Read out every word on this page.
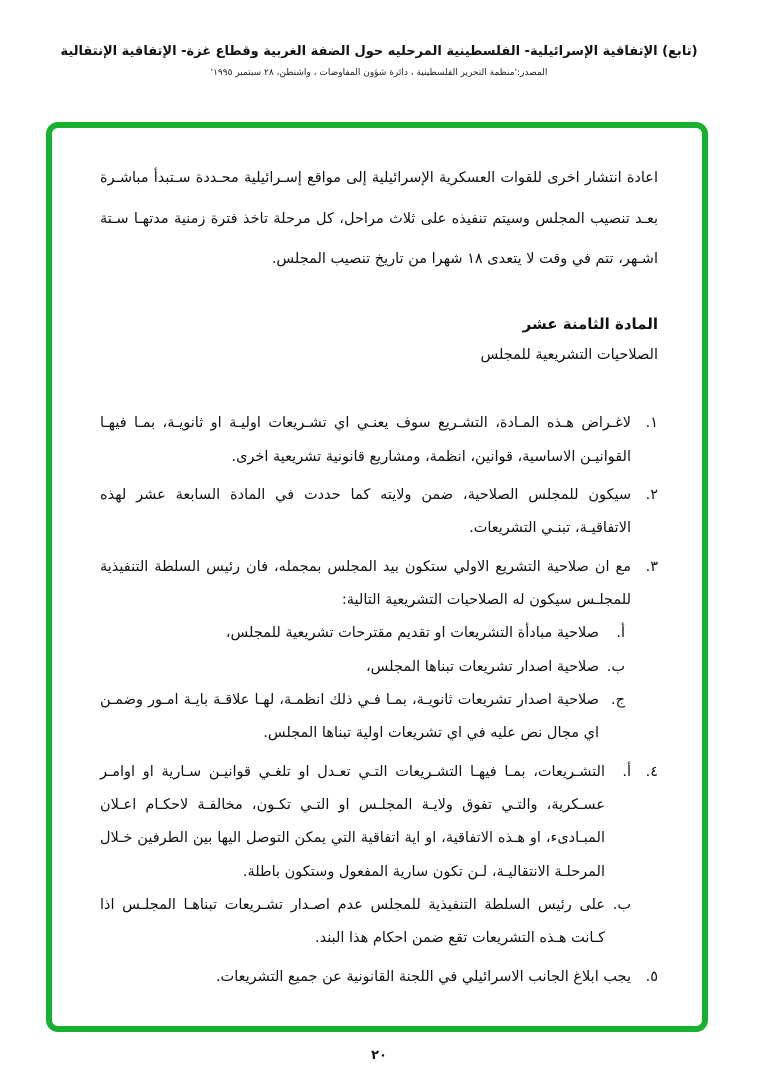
(تابع) الإتفاقية الإسرائيلية- الفلسطينية المرحليه حول الضفة الغربية وقطاع غزة- الإتفاقية الإنتقالية
المصدر:'منظمة التحرير الفلسطينية ، دائرة شؤون المفاوضات ، واشنطن، ٢٨ سبتمبر ١٩٩٥'

اعادة انتشار اخرى للقوات العسكرية الإسرائيلية إلى مواقع إسـرائيلية محـددة سـتبدأ مباشـرة بعـد تنصيب المجلس وسيتم تنفيذه على ثلاث مراحل، كل مرحلة تاخذ فترة زمنية مدتهـا سـتة اشـهر، تتم في وقت لا يتعدى ١٨ شهرا من تاريخ تنصيب المجلس.

المادة الثامنة عشر
الصلاحيات التشريعية للمجلس
١.
لاغـراض هـذه المـادة، التشـريع سوف يعنـي اي تشـريعات اوليـة او ثانويـة، بمـا فيهـا القوانيـن الاساسية، قوانين، انظمة، ومشاريع قانونية تشريعية اخرى.
٢.
سيكون للمجلس الصلاحية، ضمن ولايته كما حددت في المادة السابعة عشر لهذه الاتفاقيـة، تبنـي التشريعات.
٣.
مع ان صلاحية التشريع الاولي ستكون بيد المجلس بمجمله، فان رئيس السلطة التنفيذية للمجلـس سيكون له الصلاحيات التشريعية التالية:
أ.
صلاحية مبادأة التشريعات او تقديم مقترحات تشريعية للمجلس،
ب.
صلاحية اصدار تشريعات تبناها المجلس،
ج.
صلاحية اصدار تشريعات ثانويـة، بمـا فـي ذلك انظمـة، لهـا علاقـة بايـة امـور وضمـن اي مجال نص عليه في اي تشريعات اولية تبناها المجلس.
٤.
أ.
التشـريعات، بمـا فيهـا التشـريعات التـي تعـدل او تلغـي قوانيـن سـارية او اوامـر عسـكرية، والتـي تفوق ولايـة المجلـس او التـي تكـون، مخالفـة لاحكـام اعـلان المبـادىء، او هـذه الاتفاقية، او اية اتفاقية التي يمكن التوصل اليها بين الطرفين خـلال المرحلـة الانتقاليـة، لـن تكون سارية المفعول وستكون باطلة.
ب.
على رئيس السلطة التنفيذية للمجلس عدم اصـدار تشـريعات تبناهـا المجلـس اذا كـانت هـذه التشريعات تقع ضمن احكام هذا البند.
٥.
يجب ابلاغ الجانب الاسرائيلي في اللجنة القانونية عن جميع التشريعات.
٢٠
